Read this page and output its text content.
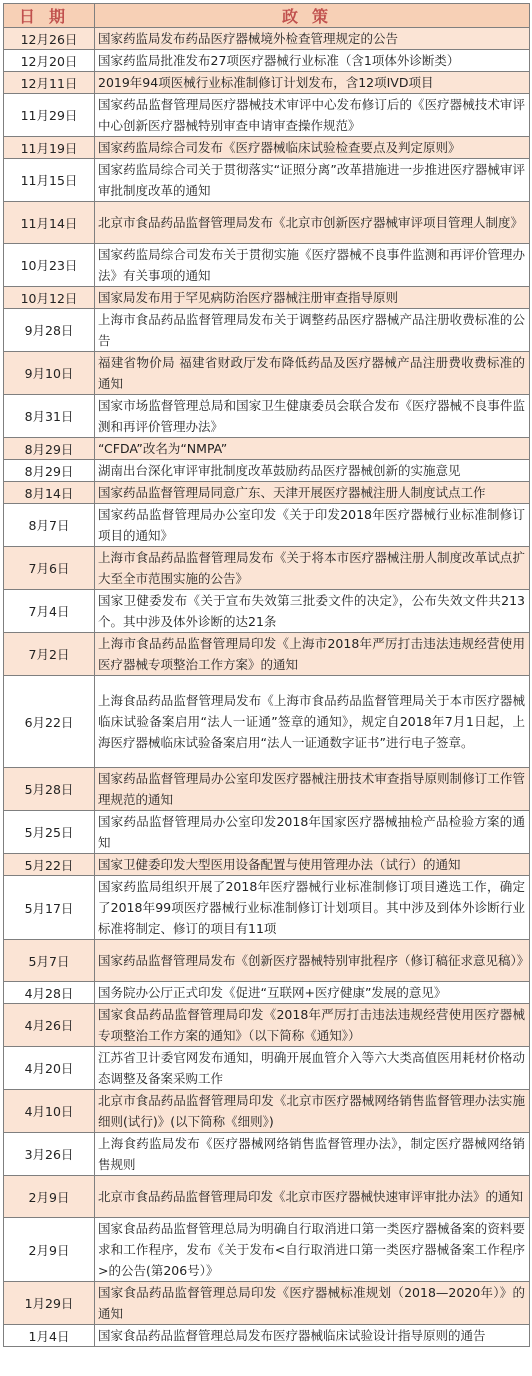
日期	政策
12月26日	国家药监局发布药品医疗器械境外检查管理规定的公告
12月20日	国家药监局批准发布27项医疗器械行业标准（含1项体外诊断类）
12月11日	2019年94项医械行业标准制修订计划发布，含12项IVD项目
11月29日	国家药品监督管理局医疗器械技术审评中心发布修订后的《医疗器械技术审评中心创新医疗器械特别审查申请审查操作规范》
11月19日	国家药监局综合司发布《医疗器械临床试验检查要点及判定原则》
11月15日	国家药监局综合司关于贯彻落实“证照分离”改革措施进一步推进医疗器械审评审批制度改革的通知
11月14日	北京市食品药品监督管理局发布《北京市创新医疗器械审评项目管理人制度》
10月23日	国家药监局综合司发布关于贯彻实施《医疗器械不良事件监测和再评价管理办法》有关事项的通知
10月12日	国家局发布用于罕见病防治医疗器械注册审查指导原则
9月28日	上海市食品药品监督管理局发布关于调整药品医疗器械产品注册收费标准的公告
9月10日	福建省物价局 福建省财政厅发布降低药品及医疗器械产品注册费收费标准的通知
8月31日	国家市场监督管理总局和国家卫生健康委员会联合发布《医疗器械不良事件监测和再评价管理办法》
8月29日	“CFDA”改名为“NMPA”
8月29日	湖南出台深化审评审批制度改革鼓励药品医疗器械创新的实施意见
8月14日	国家药品监督管理局同意广东、天津开展医疗器械注册人制度试点工作
8月7日	国家药品监督管理局办公室印发《关于印发2018年医疗器械行业标准制修订项目的通知》
7月6日	上海市食品药品监督管理局发布《关于将本市医疗器械注册人制度改革试点扩大至全市范围实施的公告》
7月4日	国家卫健委发布《关于宣布失效第三批委文件的决定》，公布失效文件共213个。其中涉及体外诊断的达21条
7月2日	上海市食品药品监督管理局印发《上海市2018年严厉打击违法违规经营使用医疗器械专项整治工作方案》的通知
6月22日	上海食品药品监督管理局发布《上海市食品药品监督管理局关于本市医疗器械临床试验备案启用“法人一证通”签章的通知》，规定自2018年7月1日起，上海医疗器械临床试验备案启用“法人一证通数字证书”进行电子签章。
5月28日	国家药品监督管理局办公室印发医疗器械注册技术审查指导原则制修订工作管理规范的通知
5月25日	国家药品监督管理局办公室印发2018年国家医疗器械抽检产品检验方案的通知
5月22日	国家卫健委印发大型医用设备配置与使用管理办法（试行）的通知
5月17日	国家药监局组织开展了2018年医疗器械行业标准制修订项目遴选工作，确定了2018年99项医疗器械行业标准制修订计划项目。其中涉及到体外诊断行业标准将制定、修订的项目有11项
5月7日	国家药品监督管理局发布《创新医疗器械特别审批程序（修订稿征求意见稿）》
4月28日	国务院办公厅正式印发《促进“互联网+医疗健康”发展的意见》
4月26日	国家食品药品监督管理局印发《2018年严厉打击违法违规经营使用医疗器械专项整治工作方案的通知》（以下简称《通知》）
4月20日	江苏省卫计委官网发布通知，明确开展血管介入等六大类高值医用耗材价格动态调整及备案采购工作
4月10日	北京市食品药品监督管理局印发《北京市医疗器械网络销售监督管理办法实施细则(试行)》(以下简称《细则》)
3月26日	上海食药监局发布《医疗器械网络销售监督管理办法》，制定医疗器械网络销售规则
2月9日	北京市食品药品监督管理局印发《北京市医疗器械快速审评审批办法》的通知
2月9日	国家食品药品监督管理总局为明确自行取消进口第一类医疗器械备案的资料要求和工作程序，发布《关于发布<自行取消进口第一类医疗器械备案工作程序>的公告(第206号）》
1月29日	国家食品药品监督管理总局印发《医疗器械标准规划（2018—2020年）》的通知
1月4日	国家食品药品监督管理总局发布医疗器械临床试验设计指导原则的通告
